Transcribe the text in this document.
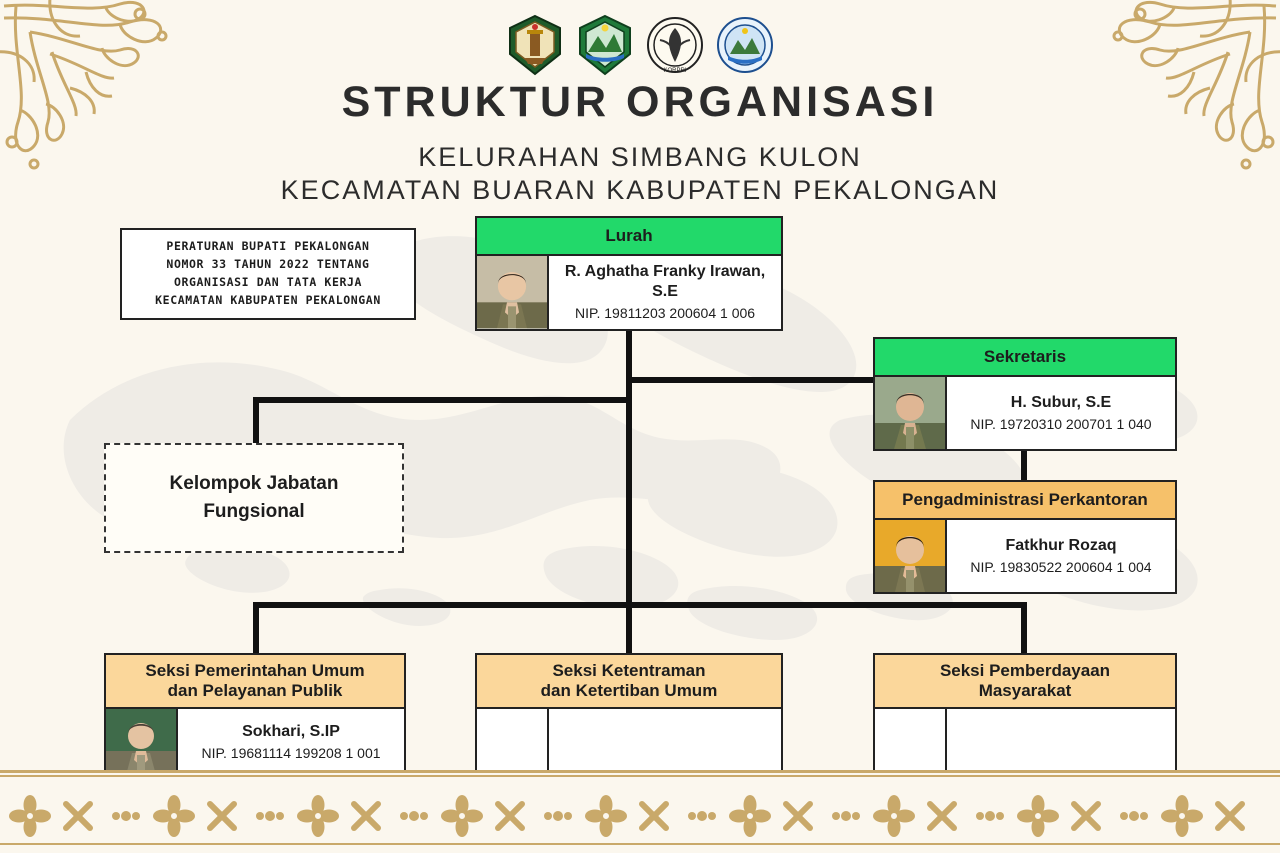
KORPRI
STRUKTUR ORGANISASI
KELURAHAN SIMBANG KULON
KECAMATAN BUARAN KABUPATEN PEKALONGAN
PERATURAN BUPATI PEKALONGAN
NOMOR 33 TAHUN 2022 TENTANG
ORGANISASI DAN TATA KERJA
KECAMATAN KABUPATEN PEKALONGAN
Lurah
R. Aghatha Franky Irawan, S.E
NIP. 19811203 200604 1 006
Sekretaris
H. Subur, S.E
NIP. 19720310 200701 1 040
Pengadministrasi Perkantoran
Fatkhur Rozaq
NIP. 19830522 200604 1 004
Kelompok Jabatan
Fungsional
Seksi Pemerintahan Umum
dan Pelayanan Publik
Sokhari, S.IP
NIP. 19681114 199208 1 001
Seksi Ketentraman
dan Ketertiban Umum
Seksi Pemberdayaan
Masyarakat
